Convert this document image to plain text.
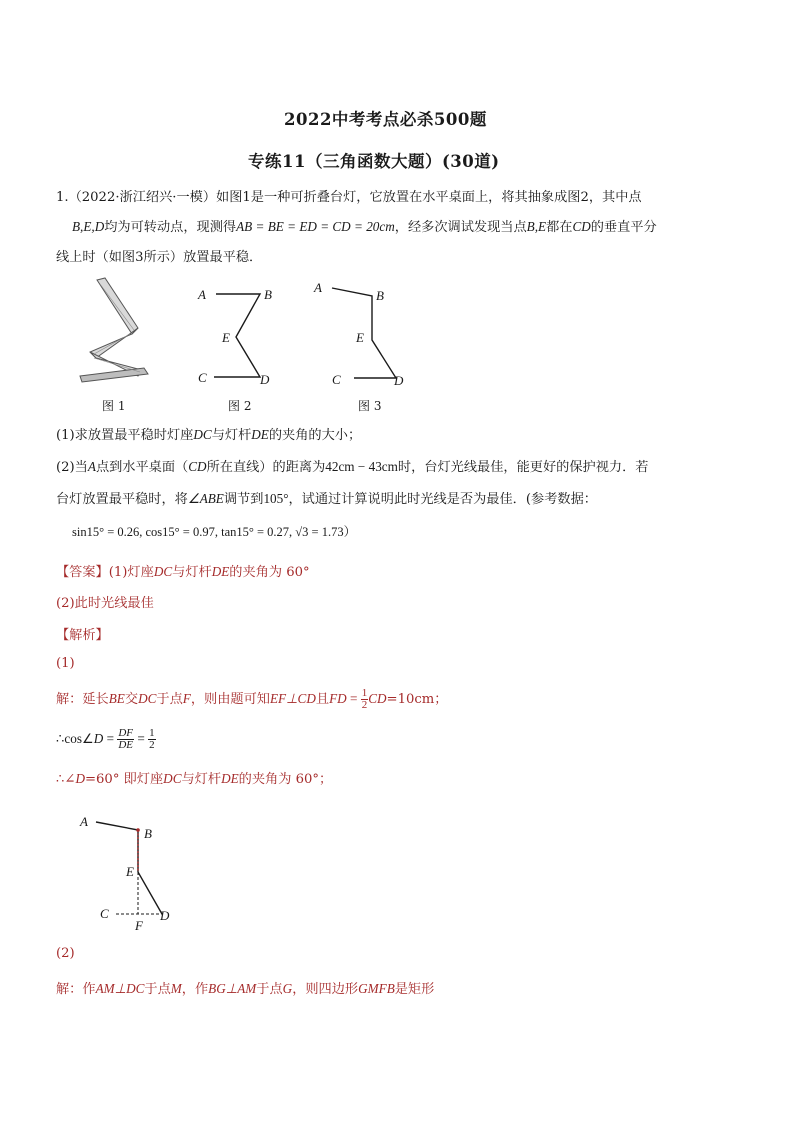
2022中考考点必杀500题
专练11（三角函数大题）(30道)
1.（2022·浙江绍兴·一模）如图1是一种可折叠台灯，它放置在水平桌面上，将其抽象成图2，其中点
B,E,D均为可转动点，现测得AB = BE = ED = CD = 20cm，经多次调试发现当点B,E都在CD的垂直平分
线上时（如图3所示）放置最平稳．
图 1
A	B
E
C	D
图 2
A
B
E
C	D
图 3
(1)求放置最平稳时灯座DC与灯杆DE的夹角的大小；
(2)当A点到水平桌面（CD所在直线）的距离为42cm − 43cm时，台灯光线最佳，能更好的保护视力．若
台灯放置最平稳时，将∠ABE调节到105°，试通过计算说明此时光线是否为最佳．(参考数据：
sin15° = 0.26, cos15° = 0.97, tan15° = 0.27, √3 = 1.73）
【答案】(1)灯座DC与灯杆DE的夹角为 60°
(2)此时光线最佳
【解析】
(1)
解：延长BE交DC于点F，则由题可知EF⊥CD且FD = $\frac{1}{2} CD=10cm$；
∴cos∠D = $\frac{DF}{DE} = \frac{1}{2}$
∴∠D=60° 即灯座DC与灯杆DE的夹角为 60°；
A
B
E
C
F
D
(2)
解：作AM⊥DC于点M，作BG⊥AM于点G，则四边形GMFB是矩形
